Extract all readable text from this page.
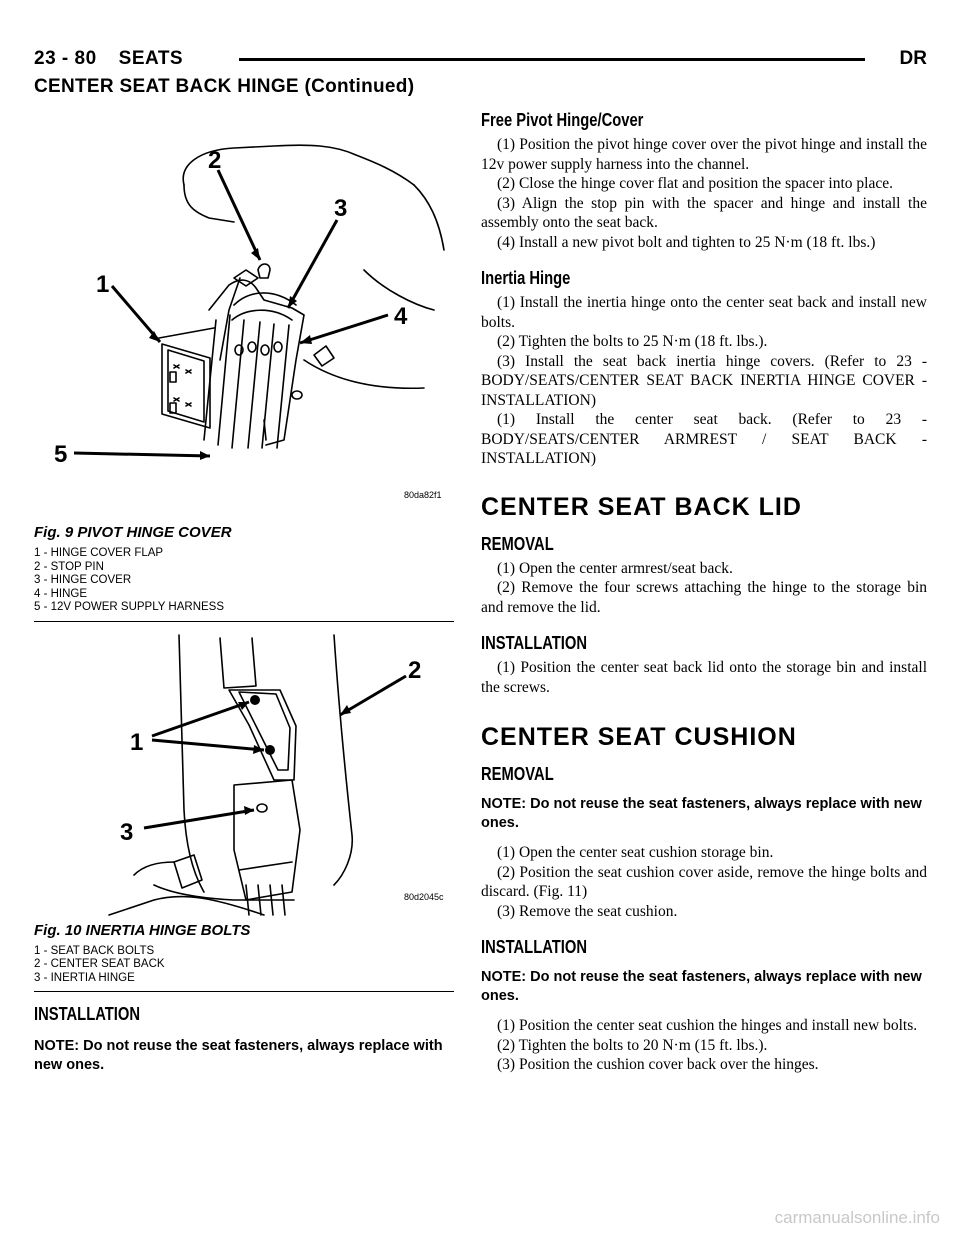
23 - 80 SEATS	DR
CENTER SEAT BACK HINGE (Continued)
2
3
1
4
5
80da82f1
Fig. 9 PIVOT HINGE COVER
1 - HINGE COVER FLAP
2 - STOP PIN
3 - HINGE COVER
4 - HINGE
5 - 12V POWER SUPPLY HARNESS
1
2
3
80d2045c
Fig. 10 INERTIA HINGE BOLTS
1 - SEAT BACK BOLTS
2 - CENTER SEAT BACK
3 - INERTIA HINGE
INSTALLATION
NOTE: Do not reuse the seat fasteners, always replace with new ones.
Free Pivot Hinge/Cover

(1) Position the pivot hinge cover over the pivot hinge and install the 12v power supply harness into the channel.

(2) Close the hinge cover flat and position the spacer into place.

(3) Align the stop pin with the spacer and hinge and install the assembly onto the seat back.

(4) Install a new pivot bolt and tighten to 25 N·m (18 ft. lbs.)

Inertia Hinge

(1) Install the inertia hinge onto the center seat back and install new bolts.

(2) Tighten the bolts to 25 N·m (18 ft. lbs.).

(3) Install the seat back inertia hinge covers. (Refer to 23 - BODY/SEATS/CENTER SEAT BACK INERTIA HINGE COVER - INSTALLATION)

(1) Install the center seat back. (Refer to 23 - BODY/SEATS/CENTER ARMREST / SEAT BACK - INSTALLATION)

CENTER SEAT BACK LID
REMOVAL

(1) Open the center armrest/seat back.

(2) Remove the four screws attaching the hinge to the storage bin and remove the lid.

INSTALLATION

(1) Position the center seat back lid onto the storage bin and install the screws.

CENTER SEAT CUSHION
REMOVAL
NOTE: Do not reuse the seat fasteners, always replace with new ones.

(1) Open the center seat cushion storage bin.

(2) Position the seat cushion cover aside, remove the hinge bolts and discard. (Fig. 11)

(3) Remove the seat cushion.

INSTALLATION
NOTE: Do not reuse the seat fasteners, always replace with new ones.

(1) Position the center seat cushion the hinges and install new bolts.

(2) Tighten the bolts to 20 N·m (15 ft. lbs.).

(3) Position the cushion cover back over the hinges.

carmanualsonline.info
